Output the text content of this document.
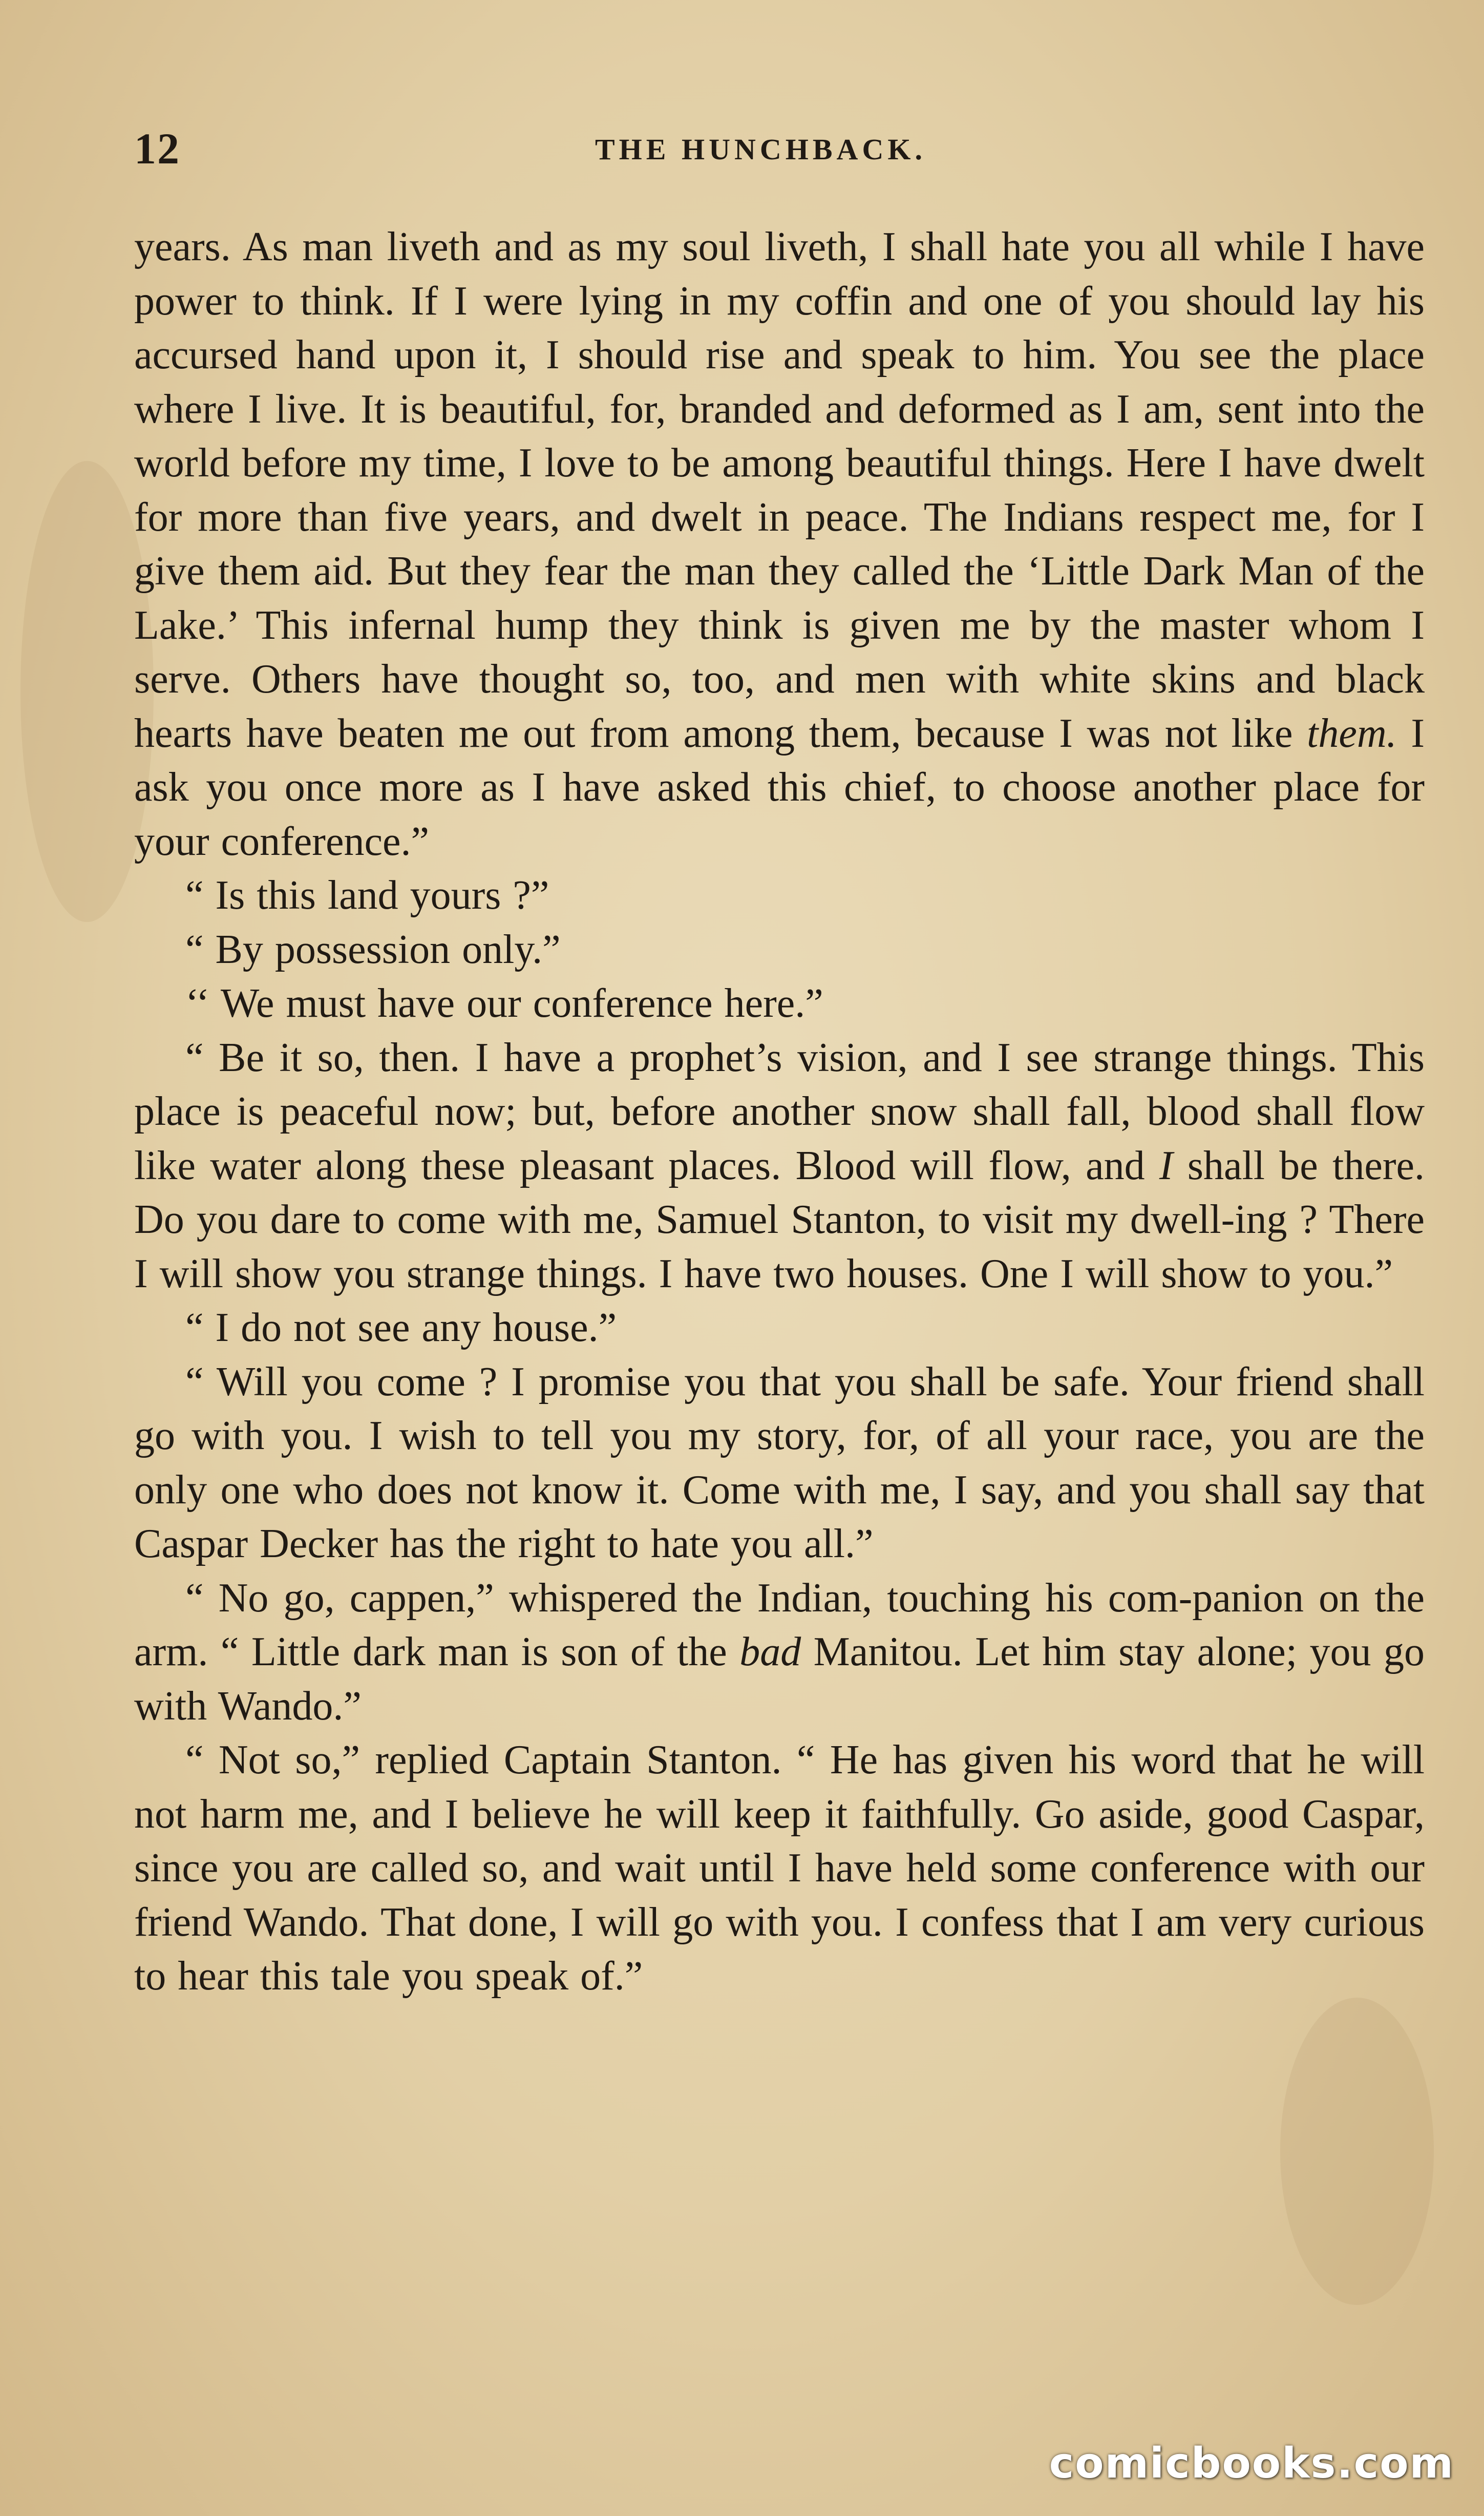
12	THE HUNCHBACK.

years. As man liveth and as my soul liveth, I shall hate you all while I have power to think. If I were lying in my coffin and one of you should lay his accursed hand upon it, I should rise and speak to him. You see the place where I live. It is beautiful, for, branded and deformed as I am, sent into the world before my time, I love to be among beautiful things. Here I have dwelt for more than five years, and dwelt in peace. The Indians respect me, for I give them aid. But they fear the man they called the ‘Little Dark Man of the Lake.’ This infernal hump they think is given me by the master whom I serve. Others have thought so, too, and men with white skins and black hearts have beaten me out from among them, because I was not like them. I ask you once more as I have asked this chief, to choose another place for your conference.”

“ Is this land yours ?”

“ By possession only.”

‘‘ We must have our conference here.”

“ Be it so, then. I have a prophet’s vision, and I see strange things. This place is peaceful now; but, before another snow shall fall, blood shall flow like water along these pleasant places. Blood will flow, and I shall be there. Do you dare to come with me, Samuel Stanton, to visit my dwell-ing ? There I will show you strange things. I have two houses. One I will show to you.”

“ I do not see any house.”

“ Will you come ? I promise you that you shall be safe. Your friend shall go with you. I wish to tell you my story, for, of all your race, you are the only one who does not know it. Come with me, I say, and you shall say that Caspar Decker has the right to hate you all.”

“ No go, cappen,” whispered the Indian, touching his com-panion on the arm. “ Little dark man is son of the bad Manitou. Let him stay alone; you go with Wando.”

“ Not so,” replied Captain Stanton. “ He has given his word that he will not harm me, and I believe he will keep it faithfully. Go aside, good Caspar, since you are called so, and wait until I have held some conference with our friend Wando. That done, I will go with you. I confess that I am very curious to hear this tale you speak of.”

comicbooks.com
